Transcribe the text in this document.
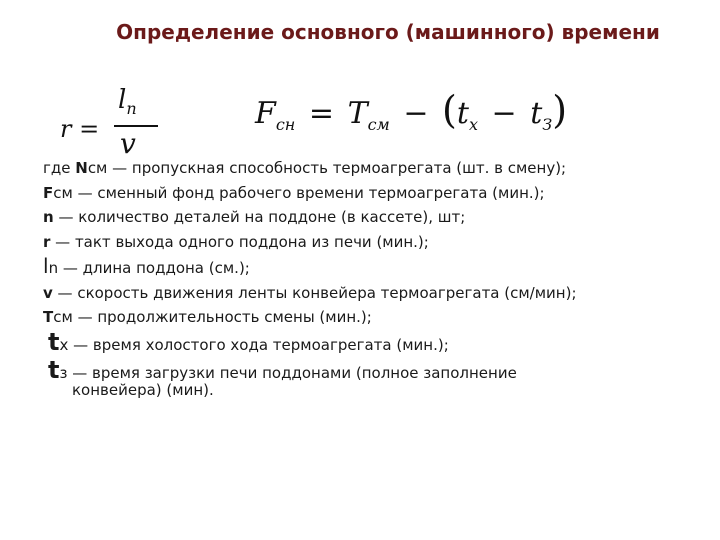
Определение основного (машинного) времени
r =
$l_n$
v
$F_{сн} = T_{см} - (t_x - t_З)$
где Nсм — пропускная способность термоагрегата (шт. в смену);
Fсм — сменный фонд рабочего времени термоагрегата (мин.);
n — количество деталей на поддоне (в кассете), шт;
r — такт выхода одного поддона из печи (мин.);
ln — длина поддона (см.);
v — скорость движения ленты конвейера термоагрегата (см/мин);
Tсм — продолжительность смены (мин.);
tx — время холостого хода термоагрегата (мин.);
tз — время загрузки печи поддонами (полное заполнение
конвейера) (мин).
